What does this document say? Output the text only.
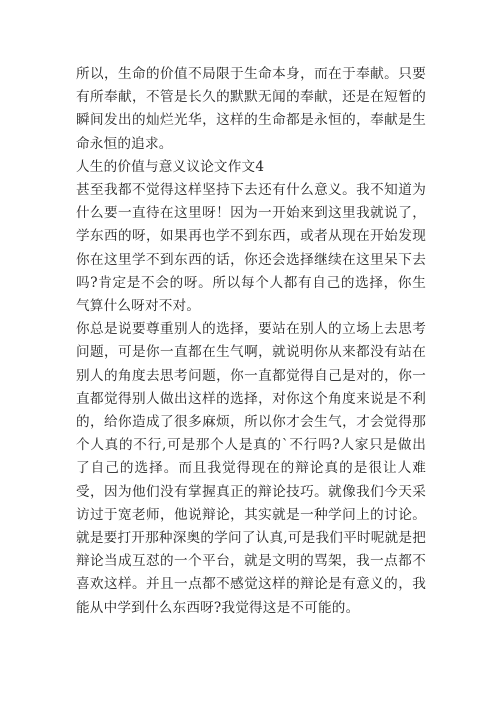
所以，生命的价值不局限于生命本身，而在于奉献。只要有所奉献，不管是长久的默默无闻的奉献，还是在短暂的瞬间发出的灿烂光华，这样的生命都是永恒的，奉献是生命永恒的追求。

人生的价值与意义议论文作文4

甚至我都不觉得这样坚持下去还有什么意义。我不知道为什么要一直待在这里呀！因为一开始来到这里我就说了，学东西的呀，如果再也学不到东西，或者从现在开始发现你在这里学不到东西的话，你还会选择继续在这里呆下去吗?肯定是不会的呀。所以每个人都有自己的选择，你生气算什么呀对不对。

你总是说要尊重别人的选择，要站在别人的立场上去思考问题，可是你一直都在生气啊，就说明你从来都没有站在别人的角度去思考问题，你一直都觉得自己是对的，你一直都觉得别人做出这样的选择，对你这个角度来说是不利的，给你造成了很多麻烦，所以你才会生气，才会觉得那个人真的不行,可是那个人是真的`不行吗?人家只是做出了自己的选择。而且我觉得现在的辩论真的是很让人难受，因为他们没有掌握真正的辩论技巧。就像我们今天采访过于宽老师，他说辩论，其实就是一种学问上的讨论。就是要打开那种深奥的学问了认真,可是我们平时呢就是把辩论当成互怼的一个平台，就是文明的骂架，我一点都不喜欢这样。并且一点都不感觉这样的辩论是有意义的，我能从中学到什么东西呀?我觉得这是不可能的。
